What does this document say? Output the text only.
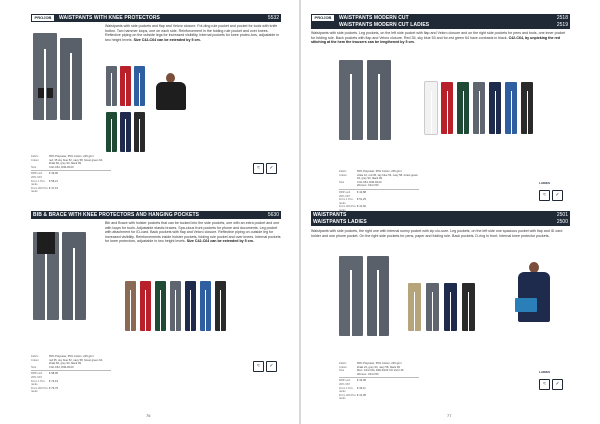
PROJOB	WAISTPANTS WITH KNEE PROTECTORS	5532
Waistpants with side pockets and flap and Velcro closure. Fol-ding rule pocket and pocket for tools with knife button. Two hammer loops, one on each side. Reinforcement in the folding rule pocket and over knees. Reflective piping on the outside legs for increased visibility. Internal pockets for knee protec-tors, adjustable in two height levels. Size C42-C64 can be extended by 5 cm.
Fabric	65% Polyester, 35% Cotton, 245 g/m²
Colour	red, 35 sky blue 52, navy 58, forest green 64,
khaki 82, grey 93, black 99
Size	C42-C64, D96-D120
RRP excl. 20% VAT
€ 49,96
From 1 Pcs. ranks
€ 58,21
From 200 Pcs. ranks
€ 47,19
≈	✓
BIB & BRACE WITH KNEE PROTECTORS AND HANGING POCKETS	5630
Bib and Brace with holster pockets that can be tucked into the side pockets, one with an extra pocket and one with loops for tools. Adjustable elastic braces. Spa-cious front pockets for phone and documents. Leg pocket with attachment for ID-card. Back pockets with flap and Velcro closure. Reflective piping on outside leg for increased visibility. Reinforcements inside holster pockets, folding rule pocket and over knees. Internal pockets for knee protectors, adjustable in two height levels. Size C42-C64 can be extended by 5 cm.
Fabric	65% Polyester, 35% Cotton, 245 g/m²
Colour	red 35, sky blue 52, navy 58, forest green 64,
khaki 82, grey 93, black 99
Size	C42-C64, D96-D120
RRP excl. 20% VAT
€ 98,95
From 1 Pcs. ranks
€ 79,19
From 200 Pcs. ranks
€ 79,79
≈	✓
76
PROJOB	WAISTPANTS MODERN CUT	2518
WAISTPANTS MODERN CUT LADIES	2519
Waistpants with side pockets. Leg pockets, on the left side pocket with flap and Velcro closure and on the right side pockets for pens and tools, one inner pocket for folding rule. Back pockets with flap and Velcro closure. Red 35, sky blue 53 and for-est green 64 have contrasts in black. C42-C64, by unpicking the red stitching at the hem the trousers can be lengthened by 5 cm.
Fabric	65% Polyester, 35% Cotton, 245 g/m²
Colour	white 10, red 35, sky blue 53, navy 58, forest green 64, grey 93, black 99
Size	C44-C64, D96-D120
Women: C34-C50
RRP excl. 20% VAT
€ 44,88
From 1 Pcs. ranks
€ 51,25
From 200 Pcs. € 41,60
LADIES
≈	✓
WAISTPANTS	2501
WAISTPANTS LADIES	2500
Waistpants with side pockets, the right one with internal sunny pocket with zip clo-sure. Leg pockets, on the left side one spacious pocket with flap and ID card holder and one phone pocket. On the right side pockets for pens, paper and folding rule. Back pockets. D-ring in front. Internal knee protector pockets.
Fabric	65% Polyester, 35% Cotton, 245 g/m²
Colour	khaki 24, grey 93, navy 58, black 99
Size	Men: C44-C64, D96-D120 CO short 46
Women: C34-C50
RRP excl. 20% VAT
€ 34,95
From 1 Pcs. ranks
€ 39,11
From 200 Pcs. ranks
€ 31,95
LADIES
≈	✓
77
